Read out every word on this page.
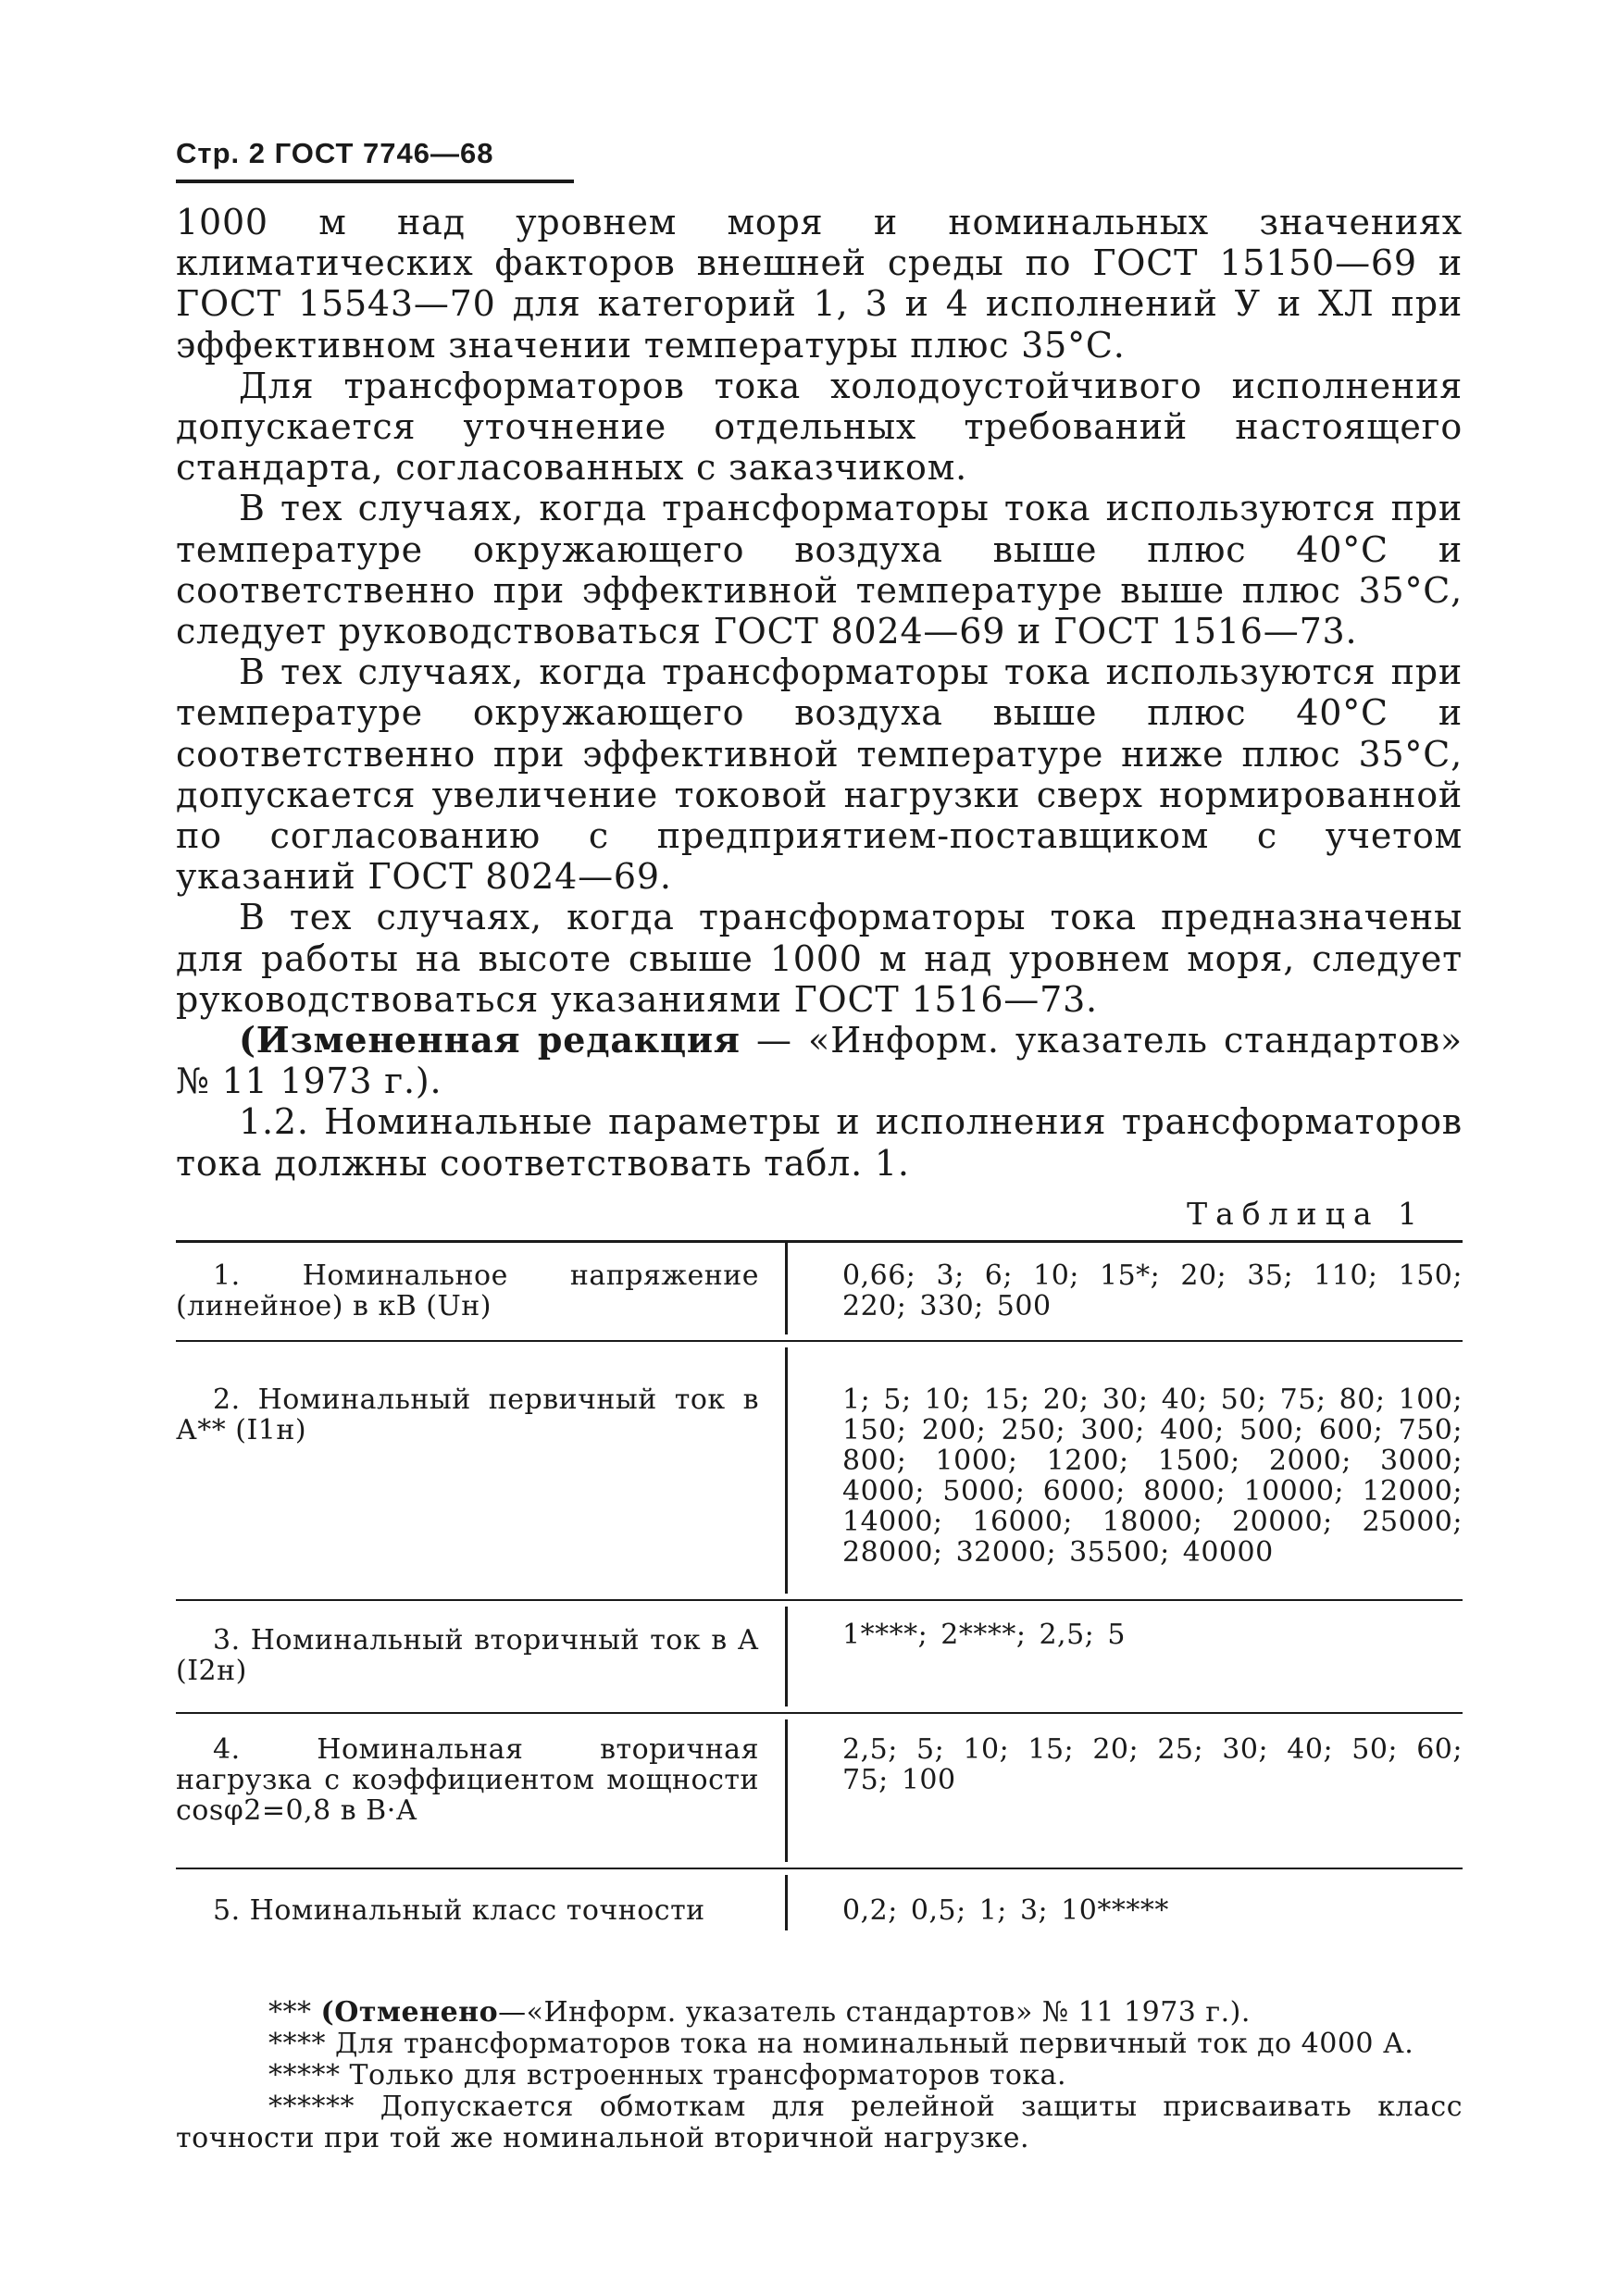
Стр. 2 ГОСТ 7746—68

1000 м над уровнем моря и номинальных значениях климатических факторов внешней среды по ГОСТ 15150—69 и ГОСТ 15543—70 для категорий 1, 3 и 4 исполнений У и ХЛ при эффективном значении температуры плюс 35°С.

Для трансформаторов тока холодоустойчивого исполнения допускается уточнение отдельных требований настоящего стандарта, согласованных с заказчиком.

В тех случаях, когда трансформаторы тока используются при температуре окружающего воздуха выше плюс 40°С и соответственно при эффективной температуре выше плюс 35°С, следует руководствоваться ГОСТ 8024—69 и ГОСТ 1516—73.

В тех случаях, когда трансформаторы тока используются при температуре окружающего воздуха выше плюс 40°С и соответственно при эффективной температуре ниже плюс 35°С, допускается увеличение токовой нагрузки сверх нормированной по согласованию с предприятием-поставщиком с учетом указаний ГОСТ 8024—69.

В тех случаях, когда трансформаторы тока предназначены для работы на высоте свыше 1000 м над уровнем моря, следует руководствоваться указаниями ГОСТ 1516—73.

(Измененная редакция — «Информ. указатель стандартов» № 11 1973 г.).

1.2. Номинальные параметры и исполнения трансформаторов тока должны соответствовать табл. 1.

Таблица 1
1. Номинальное напряжение (линейное) в кВ (Uн)
0,66; 3; 6; 10; 15*; 20; 35; 110; 150; 220; 330; 500
2. Номинальный первичный ток в А** (I1н)
1; 5; 10; 15; 20; 30; 40; 50; 75; 80; 100; 150; 200; 250; 300; 400; 500; 600; 750; 800; 1000; 1200; 1500; 2000; 3000; 4000; 5000; 6000; 8000; 10000; 12000; 14000; 16000; 18000; 20000; 25000; 28000; 32000; 35500; 40000
3. Номинальный вторичный ток в А (I2н)
1****; 2****; 2,5; 5
4. Номинальная вторичная нагрузка с коэффициентом мощности cosφ2=0,8 в В·А
2,5; 5; 10; 15; 20; 25; 30; 40; 50; 60; 75; 100
5. Номинальный класс точности	0,2; 0,5; 1; 3; 10*****

*** (Отменено—«Информ. указатель стандартов» № 11 1973 г.).

**** Для трансформаторов тока на номинальный первичный ток до 4000 А.

***** Только для встроенных трансформаторов тока.

****** Допускается обмоткам для релейной защиты присваивать класс точности при той же номинальной вторичной нагрузке.
